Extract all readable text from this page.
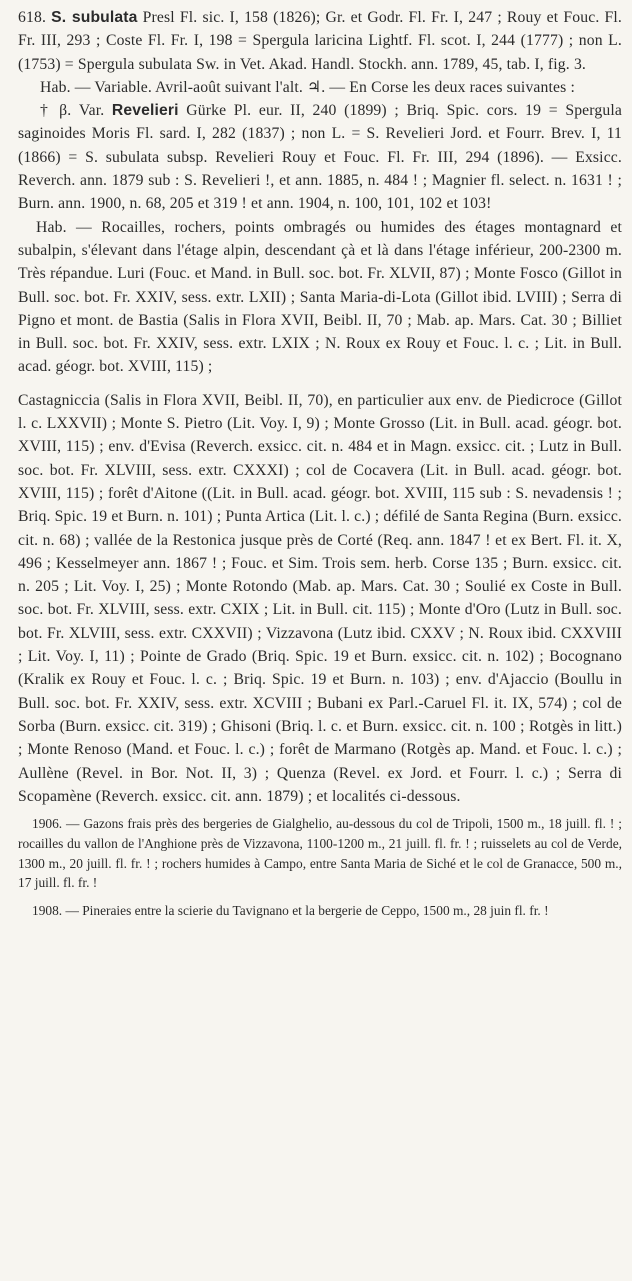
618. S. subulata Presl Fl. sic. I, 158 (1826); Gr. et Godr. Fl. Fr. I, 247 ; Rouy et Fouc. Fl. Fr. III, 293 ; Coste Fl. Fr. I, 198 = Spergula laricina Lightf. Fl. scot. I, 244 (1777) ; non L. (1753) = Spergula subulata Sw. in Vet. Akad. Handl. Stockh. ann. 1789, 45, tab. I, fig. 3.

Hab. — Variable. Avril-août suivant l'alt. ♃. — En Corse les deux races suivantes :

† β. Var. Revelieri Gürke Pl. eur. II, 240 (1899) ; Briq. Spic. cors. 19 = Spergula saginoides Moris Fl. sard. I, 282 (1837) ; non L. = S. Revelieri Jord. et Fourr. Brev. I, 11 (1866) = S. subulata subsp. Revelieri Rouy et Fouc. Fl. Fr. III, 294 (1896). — Exsicc. Reverch. ann. 1879 sub : S. Revelieri !, et ann. 1885, n. 484 ! ; Magnier fl. select. n. 1631 ! ; Burn. ann. 1900, n. 68, 205 et 319 ! et ann. 1904, n. 100, 101, 102 et 103!

Hab. — Rocailles, rochers, points ombragés ou humides des étages montagnard et subalpin, s'élevant dans l'étage alpin, descendant çà et là dans l'étage inférieur, 200-2300 m. Très répandue. Luri (Fouc. et Mand. in Bull. soc. bot. Fr. XLVII, 87) ; Monte Fosco (Gillot in Bull. soc. bot. Fr. XXIV, sess. extr. LXII) ; Santa Maria-di-Lota (Gillot ibid. LVIII) ; Serra di Pigno et mont. de Bastia (Salis in Flora XVII, Beibl. II, 70 ; Mab. ap. Mars. Cat. 30 ; Billiet in Bull. soc. bot. Fr. XXIV, sess. extr. LXIX ; N. Roux ex Rouy et Fouc. l. c. ; Lit. in Bull. acad. géogr. bot. XVIII, 115) ;

Castagniccia (Salis in Flora XVII, Beibl. II, 70), en particulier aux env. de Piedicroce (Gillot l. c. LXXVII) ; Monte S. Pietro (Lit. Voy. I, 9) ; Monte Grosso (Lit. in Bull. acad. géogr. bot. XVIII, 115) ; env. d'Evisa (Reverch. exsicc. cit. n. 484 et in Magn. exsicc. cit. ; Lutz in Bull. soc. bot. Fr. XLVIII, sess. extr. CXXXI) ; col de Cocavera (Lit. in Bull. acad. géogr. bot. XVIII, 115) ; forêt d'Aitone ((Lit. in Bull. acad. géogr. bot. XVIII, 115 sub : S. nevadensis ! ; Briq. Spic. 19 et Burn. n. 101) ; Punta Artica (Lit. l. c.) ; défilé de Santa Regina (Burn. exsicc. cit. n. 68) ; vallée de la Restonica jusque près de Corté (Req. ann. 1847 ! et ex Bert. Fl. it. X, 496 ; Kesselmeyer ann. 1867 ! ; Fouc. et Sim. Trois sem. herb. Corse 135 ; Burn. exsicc. cit. n. 205 ; Lit. Voy. I, 25) ; Monte Rotondo (Mab. ap. Mars. Cat. 30 ; Soulié ex Coste in Bull. soc. bot. Fr. XLVIII, sess. extr. CXIX ; Lit. in Bull. cit. 115) ; Monte d'Oro (Lutz in Bull. soc. bot. Fr. XLVIII, sess. extr. CXXVII) ; Vizzavona (Lutz ibid. CXXV ; N. Roux ibid. CXXVIII ; Lit. Voy. I, 11) ; Pointe de Grado (Briq. Spic. 19 et Burn. exsicc. cit. n. 102) ; Bocognano (Kralik ex Rouy et Fouc. l. c. ; Briq. Spic. 19 et Burn. n. 103) ; env. d'Ajaccio (Boullu in Bull. soc. bot. Fr. XXIV, sess. extr. XCVIII ; Bubani ex Parl.-Caruel Fl. it. IX, 574) ; col de Sorba (Burn. exsicc. cit. 319) ; Ghisoni (Briq. l. c. et Burn. exsicc. cit. n. 100 ; Rotgès in litt.) ; Monte Renoso (Mand. et Fouc. l. c.) ; forêt de Marmano (Rotgès ap. Mand. et Fouc. l. c.) ; Aullène (Revel. in Bor. Not. II, 3) ; Quenza (Revel. ex Jord. et Fourr. l. c.) ; Serra di Scopamène (Reverch. exsicc. cit. ann. 1879) ; et localités ci-dessous.

1906. — Gazons frais près des bergeries de Gialghelio, au-dessous du col de Tripoli, 1500 m., 18 juill. fl. ! ; rocailles du vallon de l'Anghione près de Vizzavona, 1100-1200 m., 21 juill. fl. fr. ! ; ruisselets au col de Verde, 1300 m., 20 juill. fl. fr. ! ; rochers humides à Campo, entre Santa Maria de Siché et le col de Granacce, 500 m., 17 juill. fl. fr. !

1908. — Pineraies entre la scierie du Tavignano et la bergerie de Ceppo, 1500 m., 28 juin fl. fr. !
